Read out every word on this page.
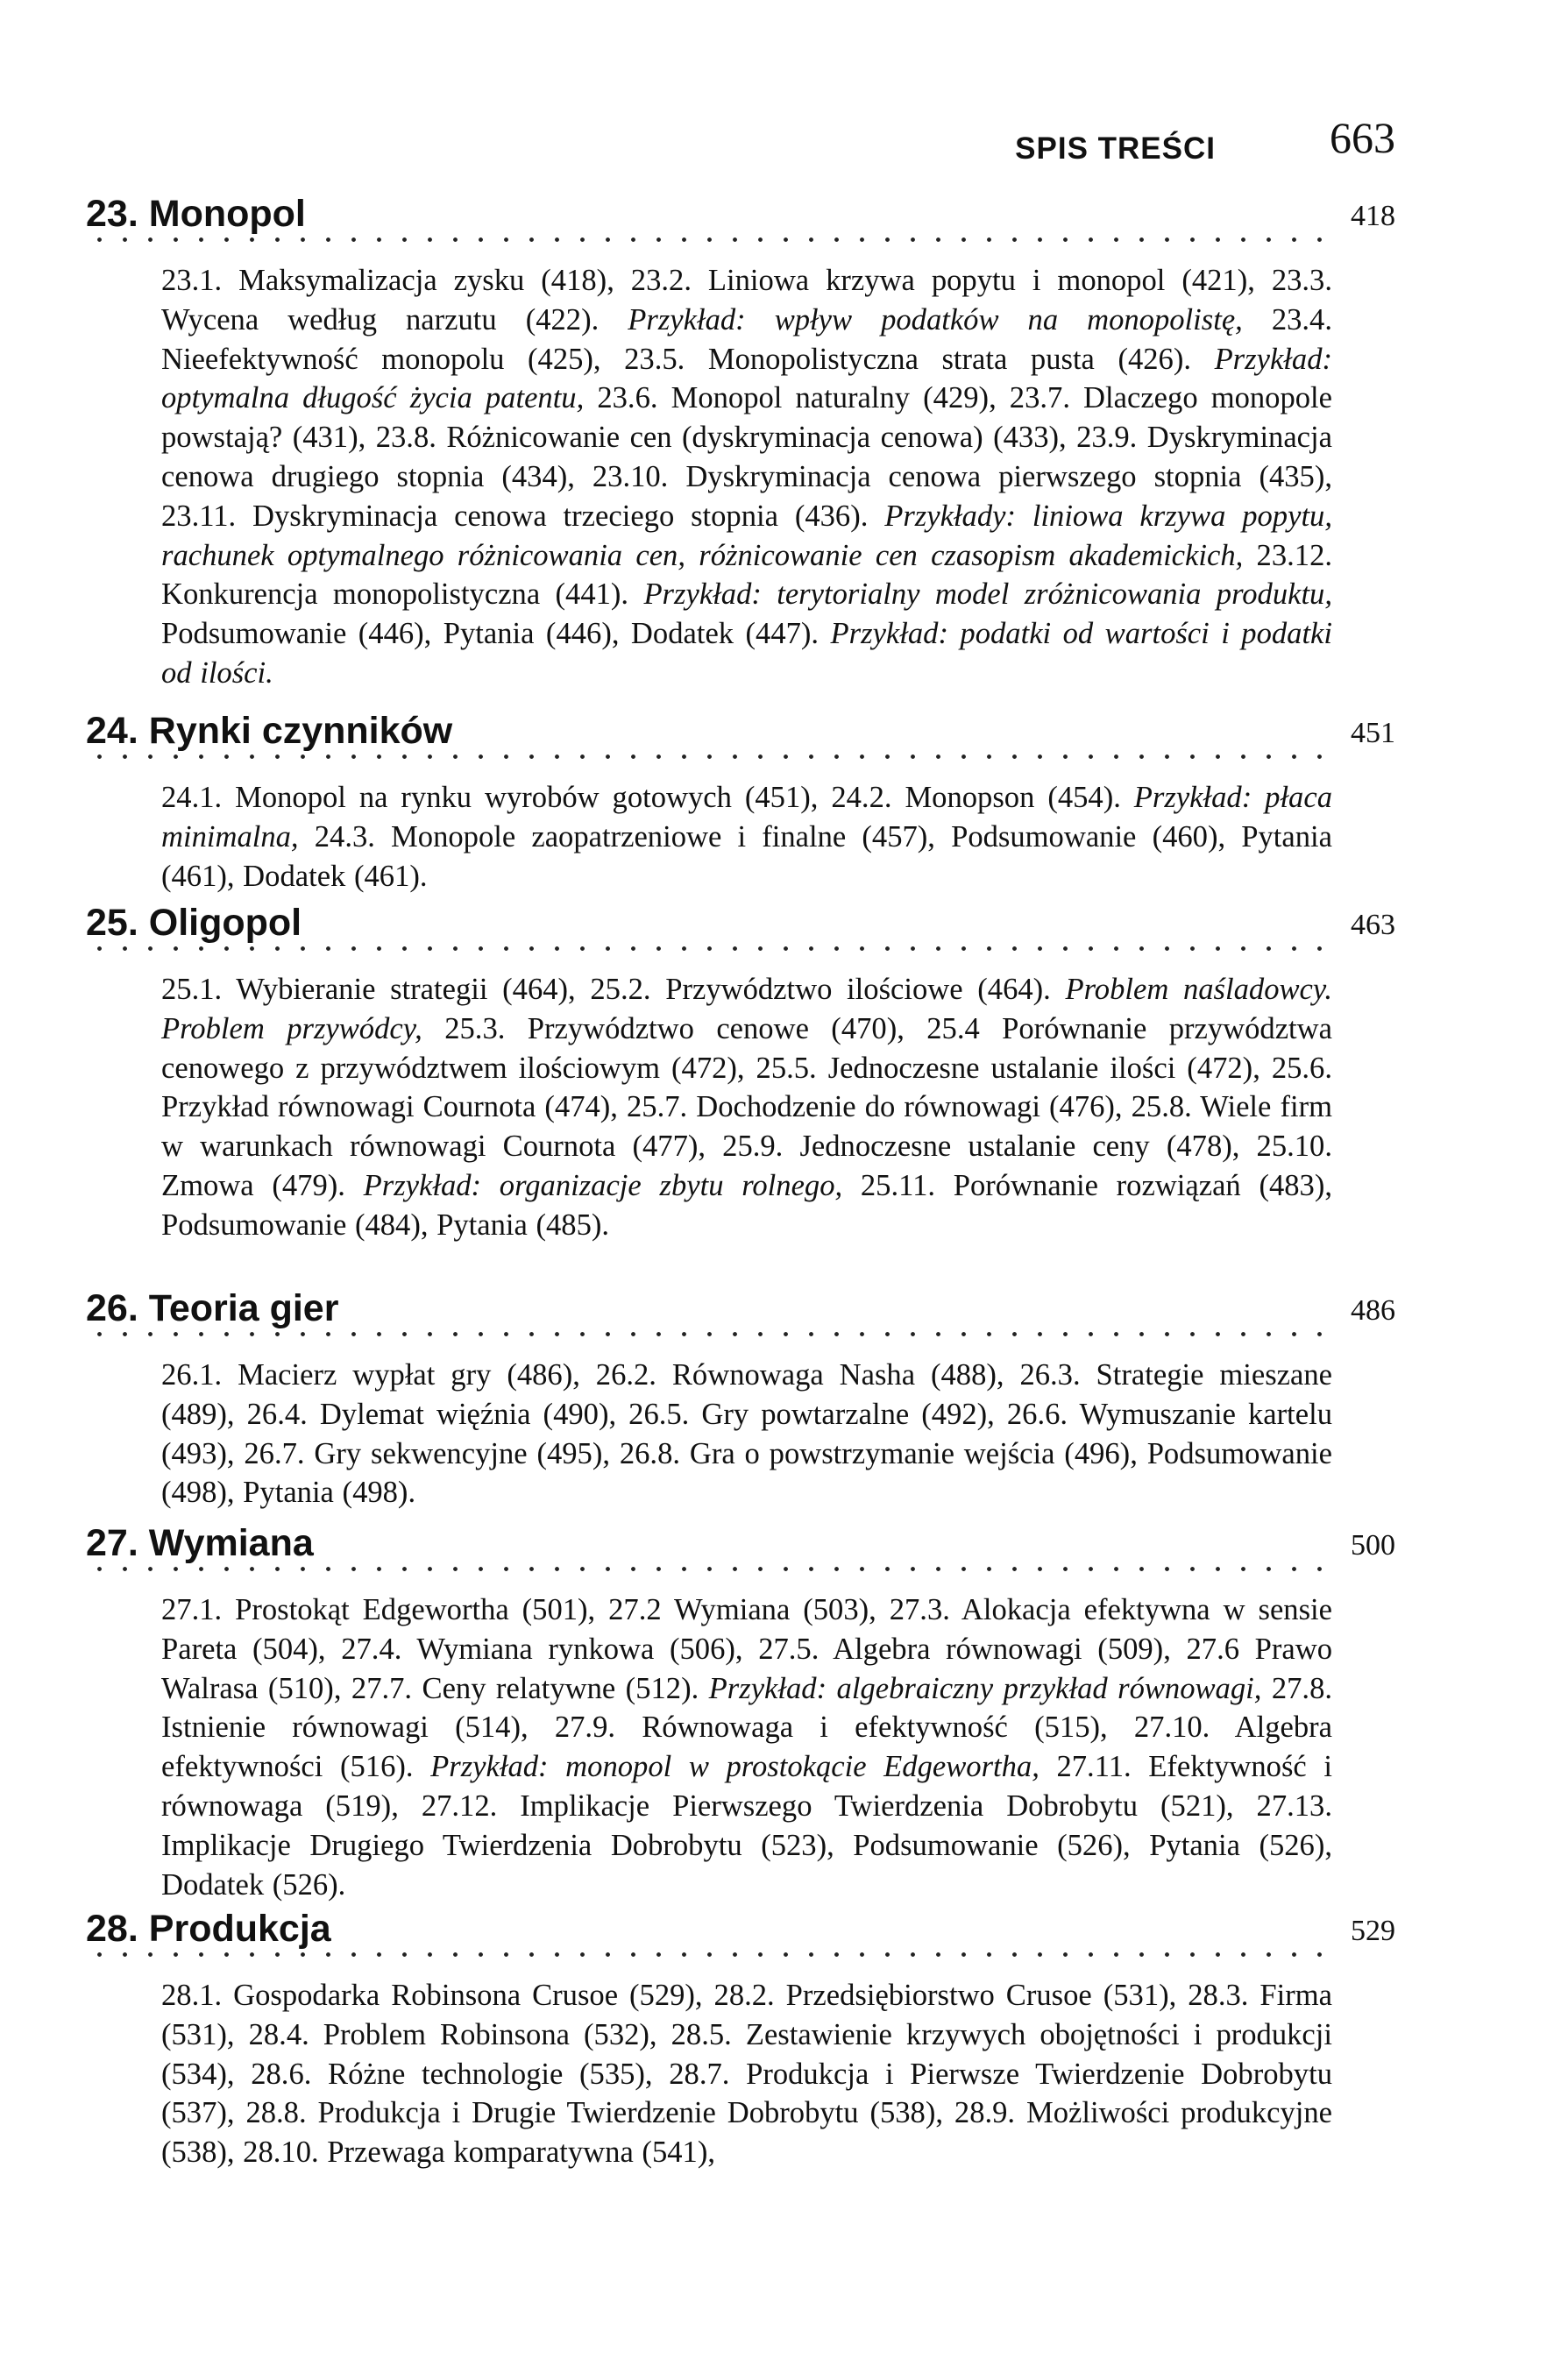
SPIS TREŚCI	663
23. Monopol	418
23.1. Maksymalizacja zysku (418), 23.2. Liniowa krzywa popytu i monopol (421), 23.3. Wycena według narzutu (422). Przykład: wpływ podatków na monopolistę, 23.4. Nieefektywność monopolu (425), 23.5. Monopolistyczna strata pusta (426). Przykład: optymalna długość życia patentu, 23.6. Monopol naturalny (429), 23.7. Dlaczego monopole powstają? (431), 23.8. Różnicowanie cen (dyskryminacja cenowa) (433), 23.9. Dyskryminacja cenowa drugiego stopnia (434), 23.10. Dyskryminacja cenowa pierwszego stopnia (435), 23.11. Dyskryminacja cenowa trzeciego stopnia (436). Przykłady: liniowa krzywa popytu, rachunek optymalnego różnicowania cen, różnicowanie cen czasopism akademickich, 23.12. Konkurencja monopolistyczna (441). Przykład: terytorialny model zróżnicowania produktu, Podsumowanie (446), Pytania (446), Dodatek (447). Przykład: podatki od wartości i podatki od ilości.
24. Rynki czynników	451
24.1. Monopol na rynku wyrobów gotowych (451), 24.2. Monopson (454). Przykład: płaca minimalna, 24.3. Monopole zaopatrzeniowe i finalne (457), Podsumowanie (460), Pytania (461), Dodatek (461).
25. Oligopol	463
25.1. Wybieranie strategii (464), 25.2. Przywództwo ilościowe (464). Problem naśladowcy. Problem przywódcy, 25.3. Przywództwo cenowe (470), 25.4 Porównanie przywództwa cenowego z przywództwem ilościowym (472), 25.5. Jednoczesne ustalanie ilości (472), 25.6. Przykład równowagi Cournota (474), 25.7. Dochodzenie do równowagi (476), 25.8. Wiele firm w warunkach równowagi Cournota (477), 25.9. Jednoczesne ustalanie ceny (478), 25.10. Zmowa (479). Przykład: organizacje zbytu rolnego, 25.11. Porównanie rozwiązań (483), Podsumowanie (484), Pytania (485).
26. Teoria gier	486
26.1. Macierz wypłat gry (486), 26.2. Równowaga Nasha (488), 26.3. Strategie mieszane (489), 26.4. Dylemat więźnia (490), 26.5. Gry powtarzalne (492), 26.6. Wymuszanie kartelu (493), 26.7. Gry sekwencyjne (495), 26.8. Gra o powstrzymanie wejścia (496), Podsumowanie (498), Pytania (498).
27. Wymiana	500
27.1. Prostokąt Edgewortha (501), 27.2 Wymiana (503), 27.3. Alokacja efektywna w sensie Pareta (504), 27.4. Wymiana rynkowa (506), 27.5. Algebra równowagi (509), 27.6 Prawo Walrasa (510), 27.7. Ceny relatywne (512). Przykład: algebraiczny przykład równowagi, 27.8. Istnienie równowagi (514), 27.9. Równowaga i efektywność (515), 27.10. Algebra efektywności (516). Przykład: monopol w prostokącie Edgewortha, 27.11. Efektywność i równowaga (519), 27.12. Implikacje Pierwszego Twierdzenia Dobrobytu (521), 27.13. Implikacje Drugiego Twierdzenia Dobrobytu (523), Podsumowanie (526), Pytania (526), Dodatek (526).
28. Produkcja	529
28.1. Gospodarka Robinsona Crusoe (529), 28.2. Przedsiębiorstwo Crusoe (531), 28.3. Firma (531), 28.4. Problem Robinsona (532), 28.5. Zestawienie krzywych obojętności i produkcji (534), 28.6. Różne technologie (535), 28.7. Produkcja i Pierwsze Twierdzenie Dobrobytu (537), 28.8. Produkcja i Drugie Twierdzenie Dobrobytu (538), 28.9. Możliwości produkcyjne (538), 28.10. Przewaga komparatywna (541),
